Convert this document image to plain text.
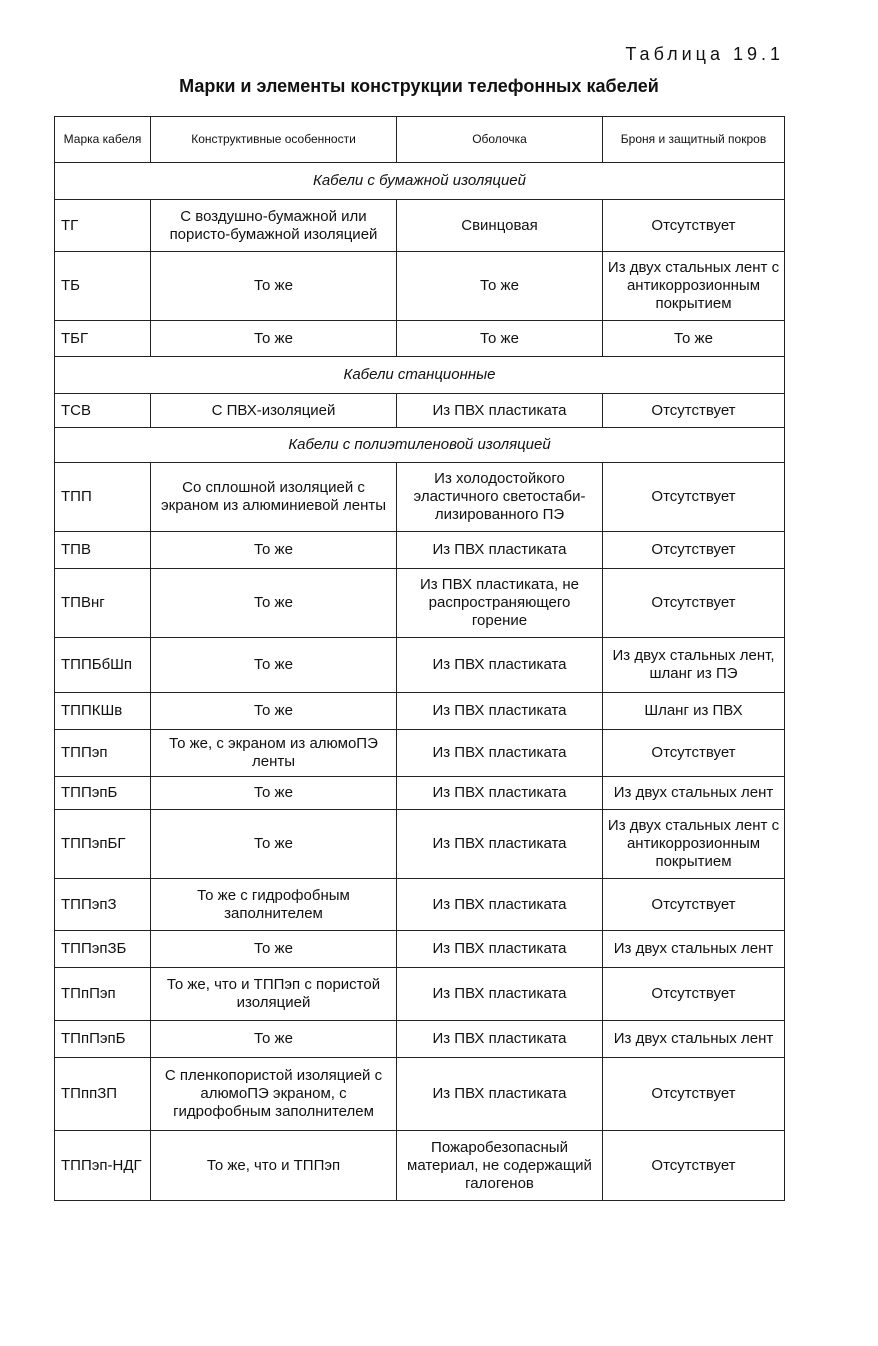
Таблица 19.1
Марки и элементы конструкции телефонных кабелей
Марка кабеля	Конструктивные особенности	Оболочка	Броня и защитный покров
Кабели с бумажной изоляцией			
ТГ	С воздушно-бумажной или пористо-бумажной изоляцией	Свинцовая	Отсутствует
ТБ	То же	То же	Из двух стальных лент с антикоррозионным покрытием
ТБГ	То же	То же	То же
Кабели станционные			
ТСВ	С ПВХ-изоляцией	Из ПВХ пластиката	Отсутствует
Кабели с полиэтиленовой изоляцией			
ТПП	Со сплошной изоляцией с экраном из алюминиевой ленты	Из холодостойкого эластичного светостаби-лизированного ПЭ	Отсутствует
ТПВ	То же	Из ПВХ пластиката	Отсутствует
ТПВнг	То же	Из ПВХ пластиката, не распространяющего горение	Отсутствует
ТППБбШп	То же	Из ПВХ пластиката	Из двух стальных лент, шланг из ПЭ
ТППКШв	То же	Из ПВХ пластиката	Шланг из ПВХ
ТППэп	То же, с экраном из алюмоПЭ ленты	Из ПВХ пластиката	Отсутствует
ТППэпБ	То же	Из ПВХ пластиката	Из двух стальных лент
ТППэпБГ	То же	Из ПВХ пластиката	Из двух стальных лент с антикоррозионным покрытием
ТППэпЗ	То же с гидрофобным заполнителем	Из ПВХ пластиката	Отсутствует
ТППэпЗБ	То же	Из ПВХ пластиката	Из двух стальных лент
ТПпПэп	То же, что и ТППэп с пористой изоляцией	Из ПВХ пластиката	Отсутствует
ТПпПэпБ	То же	Из ПВХ пластиката	Из двух стальных лент
ТПппЗП	С пленкопористой изоляцией с алюмоПЭ экраном, с гидрофобным заполнителем	Из ПВХ пластиката	Отсутствует
ТППэп-НДГ	То же, что и ТППэп	Пожаробезопасный материал, не содержащий галогенов	Отсутствует
